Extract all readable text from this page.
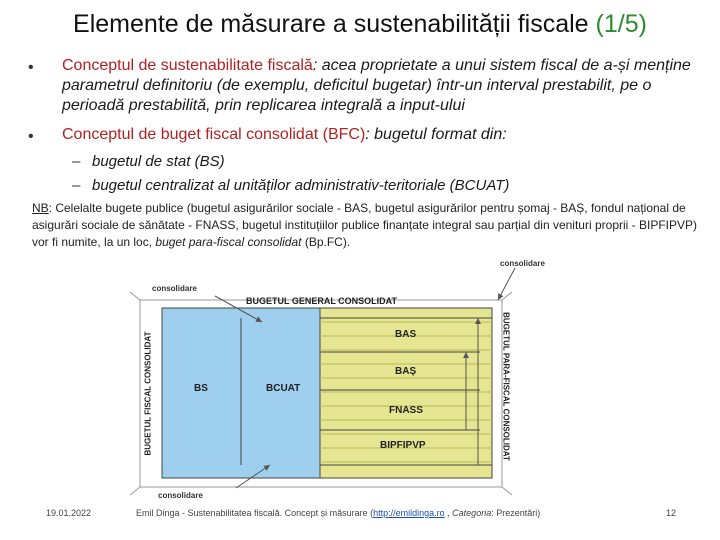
Elemente de măsurare a sustenabilității fiscale (1/5)
• Conceptul de sustenabilitate fiscală: acea proprietate a unui sistem fiscal de a-și menține parametrul definitoriu (de exemplu, deficitul bugetar) într-un interval prestabilit, pe o perioadă prestabilită, prin replicarea integrală a input-ului
• Conceptul de buget fiscal consolidat (BFC): bugetul format din:
– bugetul de stat (BS)
– bugetul centralizat al unităților administrativ-teritoriale (BCUAT)
NB: Celelalte bugete publice (bugetul asigurărilor sociale - BAS, bugetul asigurărilor pentru șomaj - BAȘ, fondul național de asigurări sociale de sănătate - FNASS, bugetul instituțiilor publice finanțate integral sau parțial din venituri proprii - BIPFIPVP) vor fi numite, la un loc, buget para-fiscal consolidat (Bp.FC).
BUGETUL GENERAL CONSOLIDAT
BS	BCUAT
BAS
BAȘ
FNASS
BIPFIPVP
BUGETUL FISCAL CONSOLIDAT	BUGETUL PARA-FISCAL CONSOLIDAT
consolidare
consolidare
consolidare
19.01.2022	Emil Dinga - Sustenabilitatea fiscală. Concept și măsurare (http://emildinga.ro , Categoria: Prezentări)	12
